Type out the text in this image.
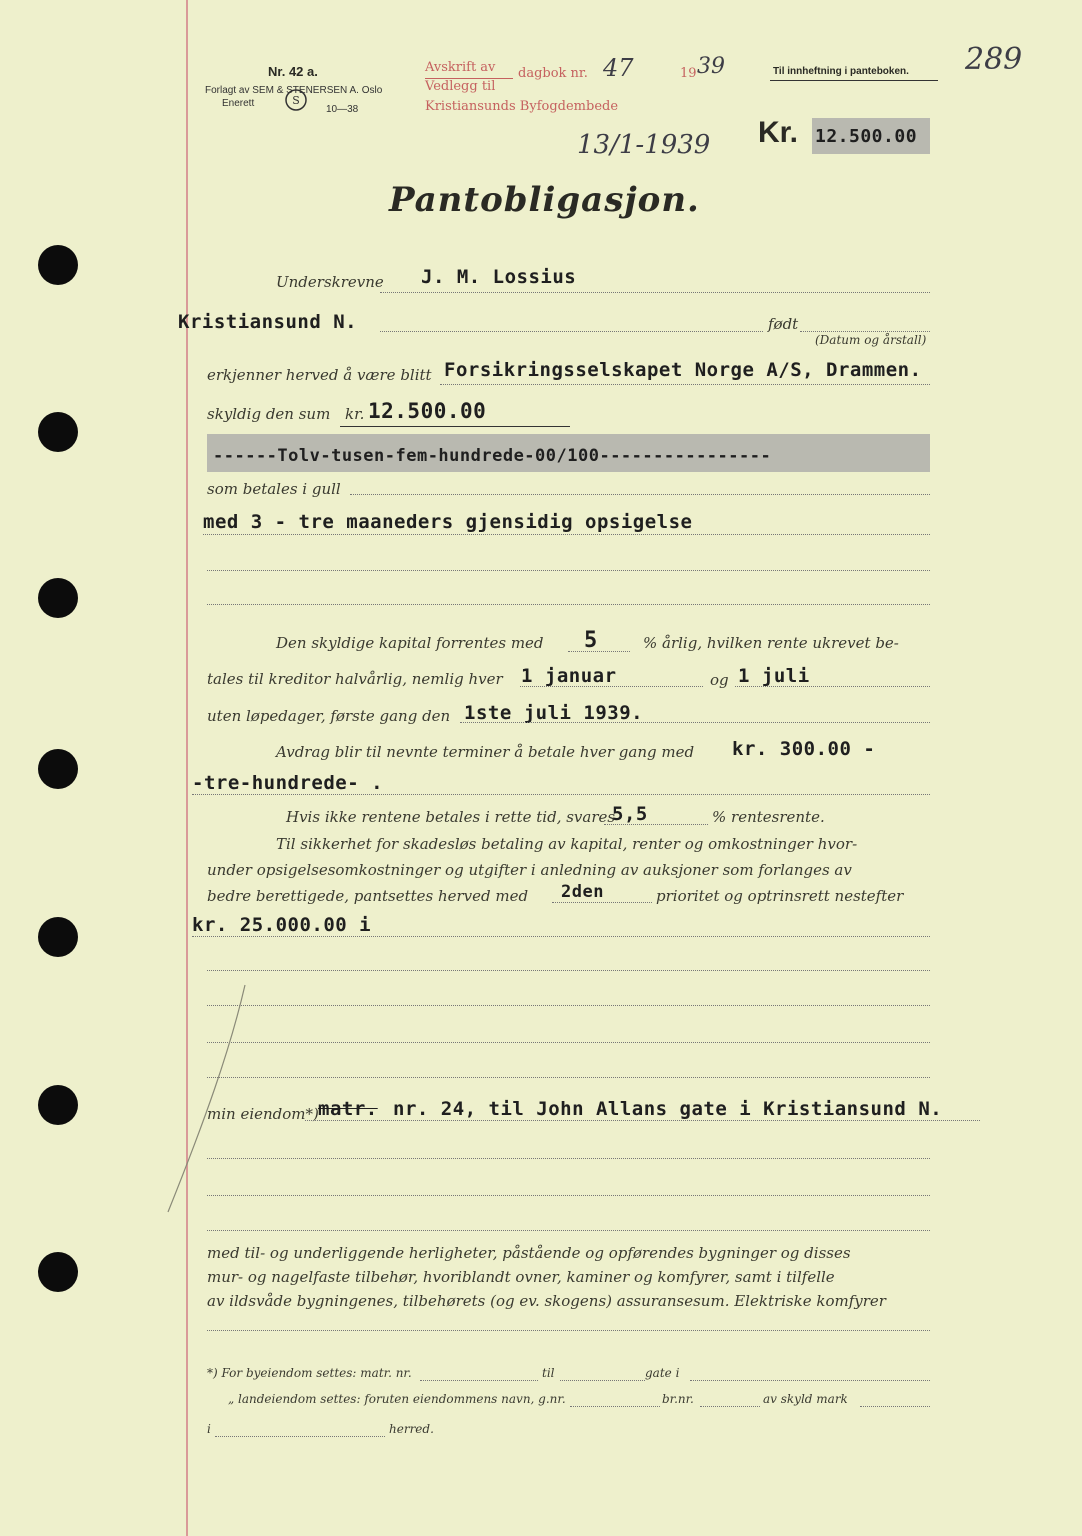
Nr. 42 a.
Forlagt av SEM & STENERSEN A. Oslo
Enerett	S
10—38
Avskrift av dagbok nr.
Vedlegg til
Kristiansunds Byfogdembede
47	19 39
13/1-1939
Til innheftning i panteboken. 289
Kr. 12.500.00
Pantobligasjon.
Underskrevne J. M. Lossius
Kristiansund N.	født
(Datum og årstall)
erkjenner herved å være blitt Forsikringsselskapet Norge A/S, Drammen.
skyldig den sum kr. 12.500.00
------Tolv-tusen-fem-hundrede-00/100----------------
som betales i gull
med 3 - tre maaneders gjensidig opsigelse
Den skyldige kapital forrentes med 5	% årlig, hvilken rente ukrevet be-
tales til kreditor halvårlig, nemlig hver 1 januar	og 1 juli
uten løpedager, første gang den 1ste juli 1939.
Avdrag blir til nevnte terminer å betale hver gang med kr. 300.00 -
-tre-hundrede- .
Hvis ikke rentene betales i rette tid, svares
5,5	% rentesrente.
Til sikkerhet for skadesløs betaling av kapital, renter og omkostninger hvor-
under opsigelsesomkostninger og utgifter i anledning av auksjoner som forlanges av
bedre berettigede, pantsettes herved med 2den	prioritet og optrinsrett nestefter
kr. 25.000.00 i
min eiendom*) matr. nr. 24, til John Allans gate i Kristiansund N.
med til- og underliggende herligheter, påstående og opførendes bygninger og disses
mur- og nagelfaste tilbehør, hvoriblandt ovner, kaminer og komfyrer, samt i tilfelle
av ildsvåde bygningenes, tilbehørets (og ev. skogens) assuransesum. Elektriske komfyrer
*) For byeiendom settes: matr. nr.	til	gate i
„ landeiendom settes: foruten eiendommens navn, g.nr.	br.nr.	av skyld mark
i	herred.
